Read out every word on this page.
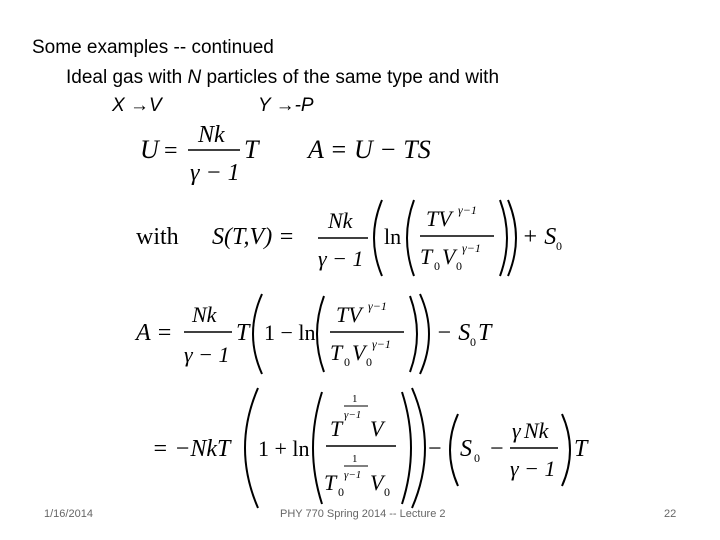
Some examples -- continued
Ideal gas with N particles of the same type and with
X →V	Y →-P
U =
Nk
γ − 1
T A = U − TS
with S(T,V) =
Nk
γ − 1
ln
TV γ−1
T 0 V 0
γ−1 + S 0
A =
Nk
γ − 1
T 1 − ln
TV γ−1
T 0 V 0
γ−1 − S 0 T
= −NkT 1 + ln
1
γ−1
T V
1
γ−1
T 0 V 0
− S 0 −
γ Nk
γ − 1
T
1/16/2014	PHY 770 Spring 2014 -- Lecture 2	22
